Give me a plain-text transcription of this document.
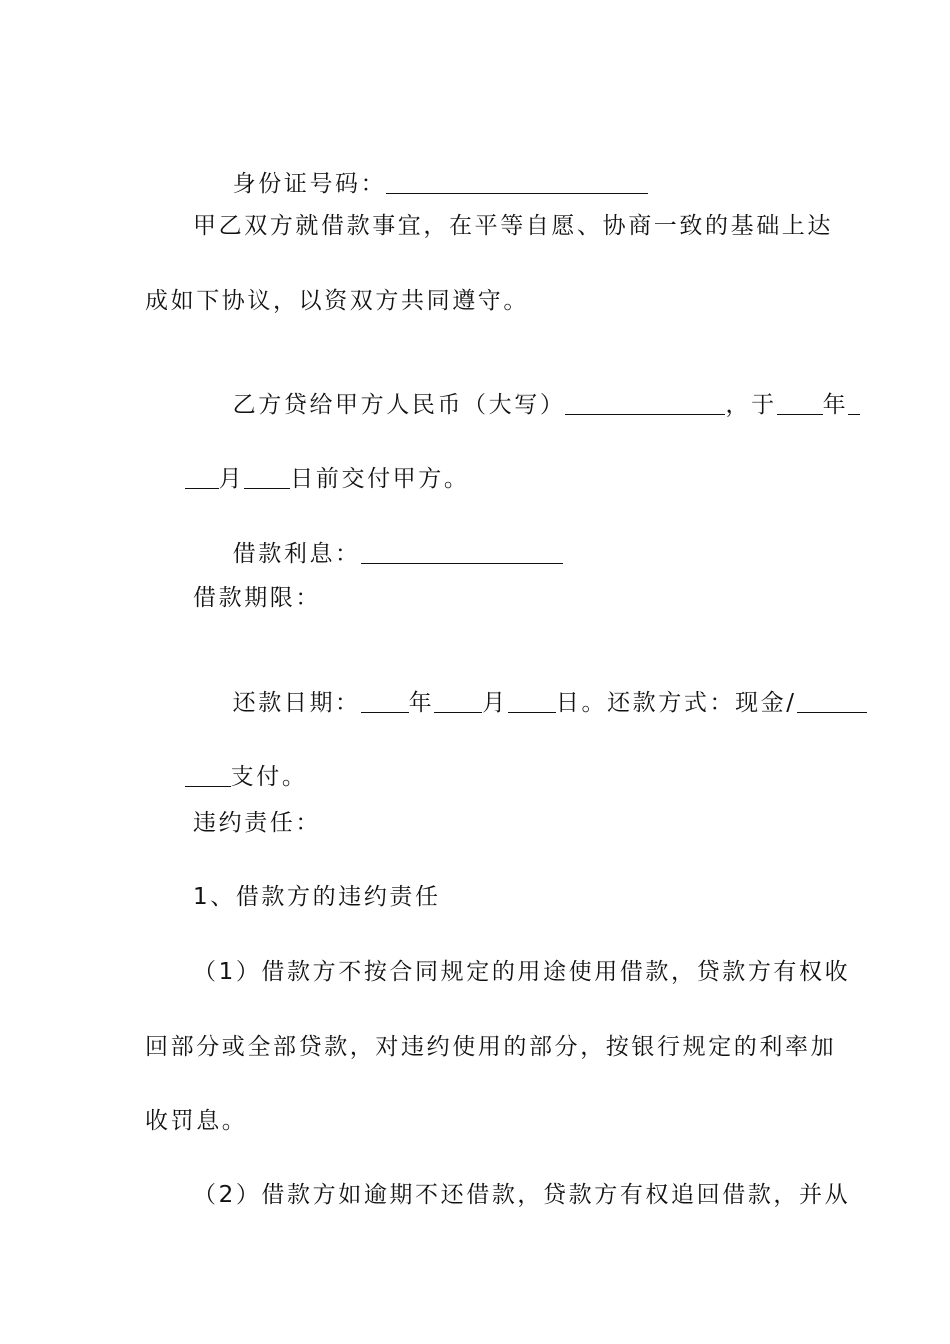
身份证号码：

甲乙双方就借款事宜，在平等自愿、协商一致的基础上达
成如下协议，以资双方共同遵守。

乙方贷给甲方人民币（大写）	，于 年

月 日前交付甲方。

借款利息：

借款期限：

还款日期： 年 月 日。还款方式：现金/

支付。

违约责任：
1、借款方的违约责任
（1）借款方不按合同规定的用途使用借款，贷款方有权收
回部分或全部贷款，对违约使用的部分，按银行规定的利率加
收罚息。
（2）借款方如逾期不还借款，贷款方有权追回借款，并从
